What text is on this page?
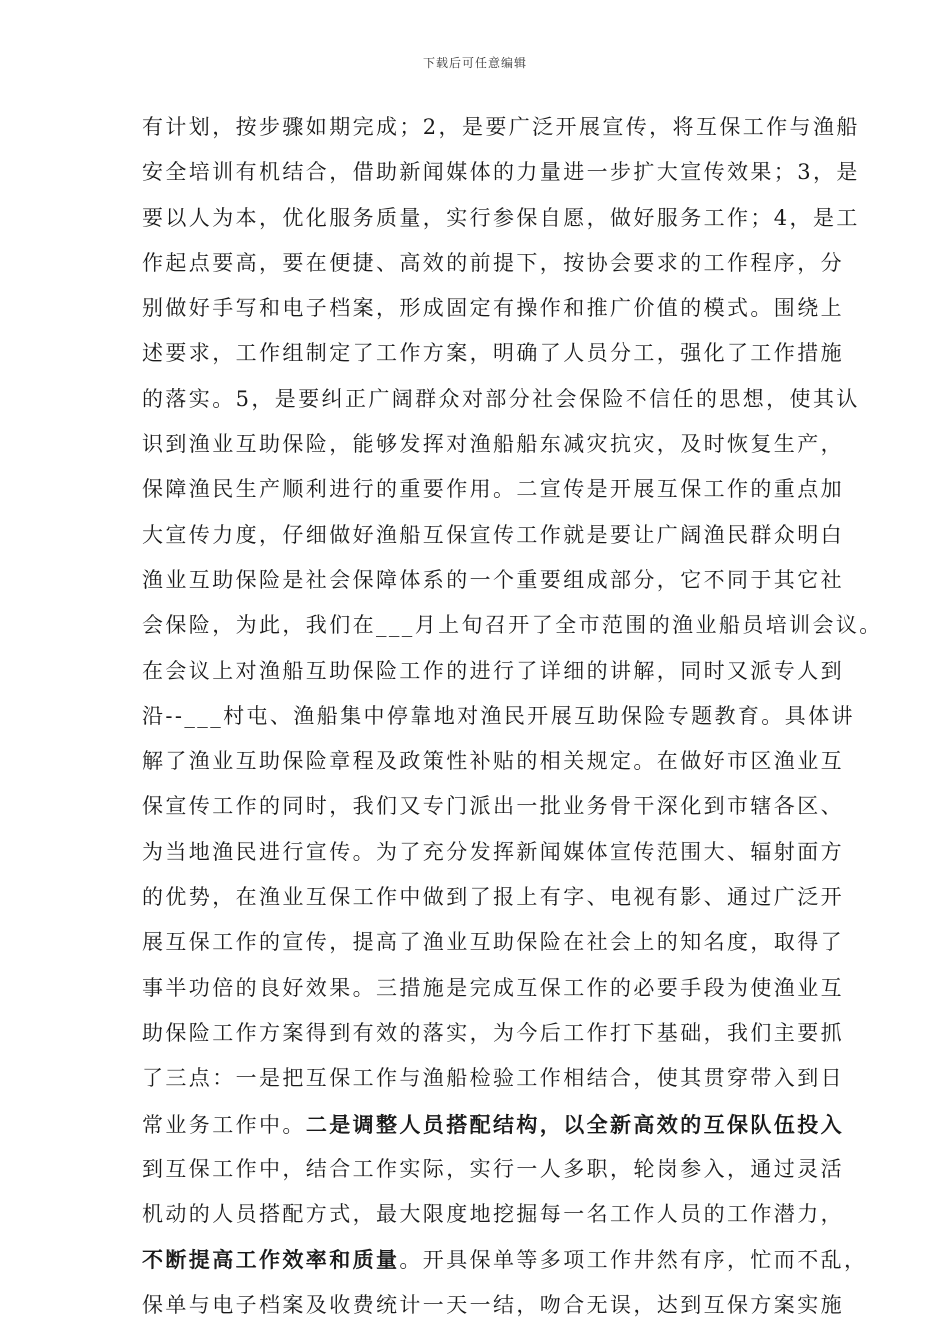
下载后可任意编辑
有计划，按步骤如期完成；2，是要广泛开展宣传，将互保工作与渔船
安全培训有机结合，借助新闻媒体的力量进一步扩大宣传效果；3，是
要以人为本，优化服务质量，实行参保自愿，做好服务工作；4，是工
作起点要高，要在便捷、高效的前提下，按协会要求的工作程序，分
别做好手写和电子档案，形成固定有操作和推广价值的模式。围绕上
述要求，工作组制定了工作方案，明确了人员分工，强化了工作措施
的落实。5，是要纠正广阔群众对部分社会保险不信任的思想，使其认
识到渔业互助保险，能够发挥对渔船船东减灾抗灾，及时恢复生产，
保障渔民生产顺利进行的重要作用。二宣传是开展互保工作的重点加
大宣传力度，仔细做好渔船互保宣传工作就是要让广阔渔民群众明白
渔业互助保险是社会保障体系的一个重要组成部分，它不同于其它社
会保险，为此，我们在___月上旬召开了全市范围的渔业船员培训会议。
在会议上对渔船互助保险工作的进行了详细的讲解，同时又派专人到
沿--___村屯、渔船集中停靠地对渔民开展互助保险专题教育。具体讲
解了渔业互助保险章程及政策性补贴的相关规定。在做好市区渔业互
保宣传工作的同时，我们又专门派出一批业务骨干深化到市辖各区、
为当地渔民进行宣传。为了充分发挥新闻媒体宣传范围大、辐射面方
的优势，在渔业互保工作中做到了报上有字、电视有影、通过广泛开
展互保工作的宣传，提高了渔业互助保险在社会上的知名度，取得了
事半功倍的良好效果。三措施是完成互保工作的必要手段为使渔业互
助保险工作方案得到有效的落实，为今后工作打下基础，我们主要抓
了三点：一是把互保工作与渔船检验工作相结合，使其贯穿带入到日
常业务工作中。二是调整人员搭配结构，以全新高效的互保队伍投入
到互保工作中，结合工作实际，实行一人多职，轮岗参入，通过灵活
机动的人员搭配方式，最大限度地挖掘每一名工作人员的工作潜力，
不断提高工作效率和质量。开具保单等多项工作井然有序，忙而不乱，
保单与电子档案及收费统计一天一结，吻合无误，达到互保方案实施
